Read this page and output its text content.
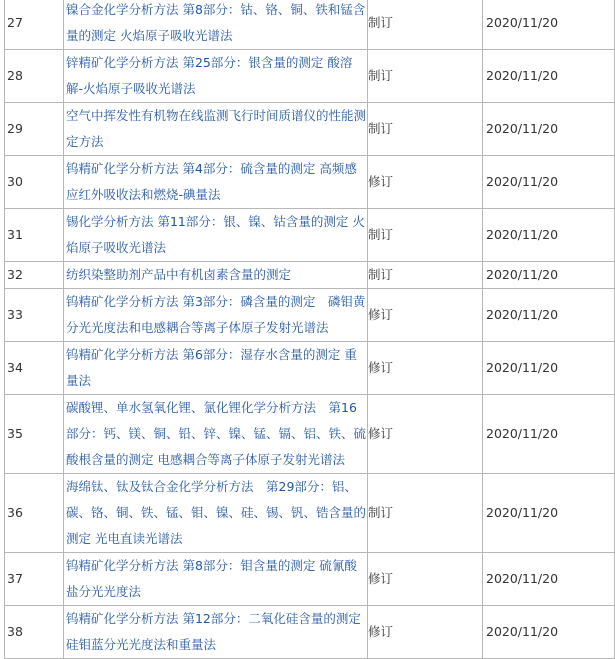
27	镍合金化学分析方法 第8部分：钴、铬、铜、铁和锰含量的测定 火焰原子吸收光谱法	制订	2020/11/20
28	锌精矿化学分析方法 第25部分：银含量的测定 酸溶解-火焰原子吸收光谱法	制订	2020/11/20
29	空气中挥发性有机物在线监测飞行时间质谱仪的性能测定方法	制订	2020/11/20
30	钨精矿化学分析方法 第4部分：硫含量的测定 高频感应红外吸收法和燃烧-碘量法	修订	2020/11/20
31	锡化学分析方法 第11部分：银、镍、钴含量的测定 火焰原子吸收光谱法	制订	2020/11/20
32	纺织染整助剂产品中有机卤素含量的测定	制订	2020/11/20
33	钨精矿化学分析方法 第3部分：磷含量的测定　磷钼黄分光光度法和电感耦合等离子体原子发射光谱法	修订	2020/11/20
34	钨精矿化学分析方法 第6部分：湿存水含量的测定 重量法	修订	2020/11/20
35	碳酸锂、单水氢氧化锂、氯化锂化学分析方法　第16部分：钙、镁、铜、铅、锌、镍、锰、镉、铝、铁、硫酸根含量的测定 电感耦合等离子体原子发射光谱法	修订	2020/11/20
36	海绵钛、钛及钛合金化学分析方法　第29部分：铝、碳、铬、铜、铁、锰、钼、镍、硅、锡、钒、锆含量的测定 光电直读光谱法	制订	2020/11/20
37	钨精矿化学分析方法 第8部分：钼含量的测定 硫氰酸盐分光光度法	修订	2020/11/20
38	钨精矿化学分析方法 第12部分：二氧化硅含量的测定 硅钼蓝分光光度法和重量法	修订	2020/11/20
